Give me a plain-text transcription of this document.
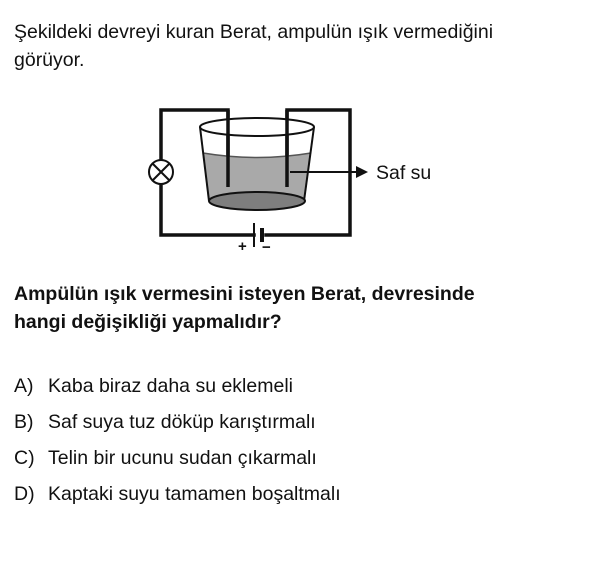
Şekildeki devreyi kuran Berat, ampulün ışık vermediğini
görüyor.
Saf su
+ −
Ampülün ışık vermesini isteyen Berat, devresinde
hangi değişikliği yapmalıdır?
A) Kaba biraz daha su eklemeli
B) Saf suya tuz döküp karıştırmalı
C) Telin bir ucunu sudan çıkarmalı
D) Kaptaki suyu tamamen boşaltmalı
